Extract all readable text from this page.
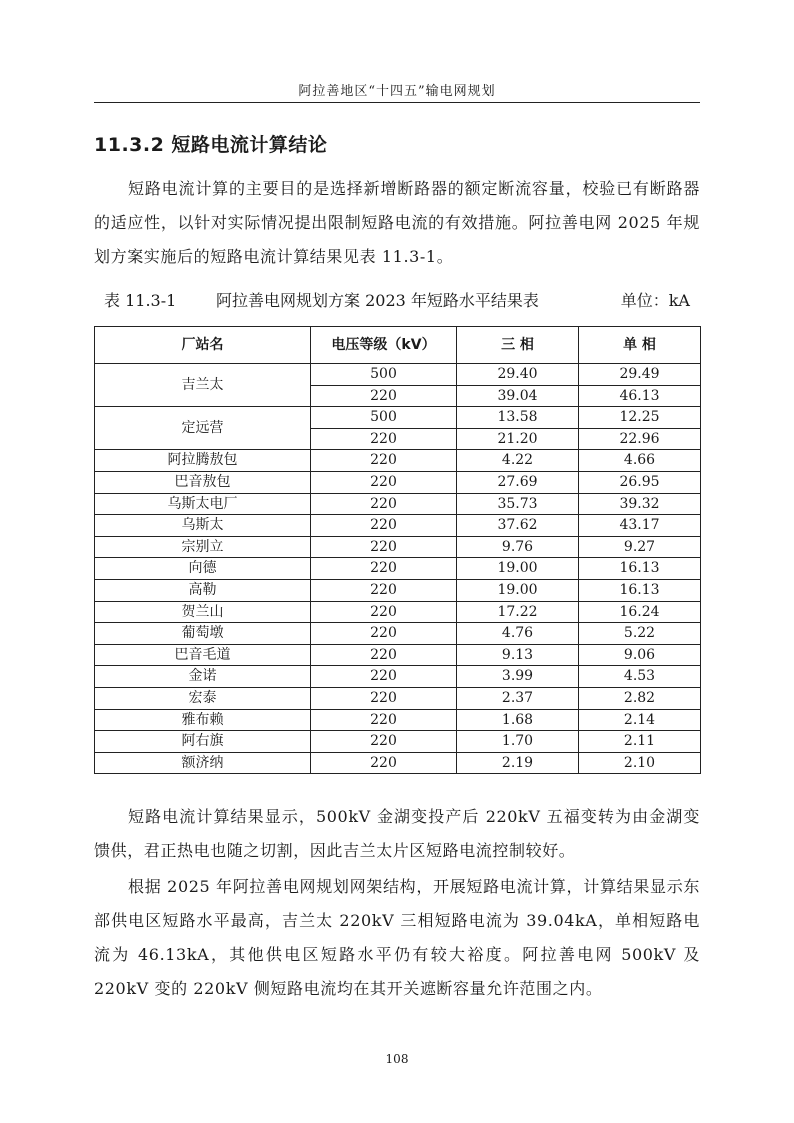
阿拉善地区“十四五”输电网规划
11.3.2 短路电流计算结论

短路电流计算的主要目的是选择新增断路器的额定断流容量，校验已有断路器的适应性，以针对实际情况提出限制短路电流的有效措施。阿拉善电网 2025 年规划方案实施后的短路电流计算结果见表 11.3-1。

表 11.3-1 阿拉善电网规划方案 2023 年短路水平结果表	单位：kA
厂站名	电压等级（kV）	三 相	单 相
吉兰太	500	29.40	29.49
	220	39.04	46.13
定远营	500	13.58	12.25
	220	21.20	22.96
阿拉腾敖包	220	4.22	4.66
巴音敖包	220	27.69	26.95
乌斯太电厂	220	35.73	39.32
乌斯太	220	37.62	43.17
宗别立	220	9.76	9.27
向德	220	19.00	16.13
高勒	220	19.00	16.13
贺兰山	220	17.22	16.24
葡萄墩	220	4.76	5.22
巴音毛道	220	9.13	9.06
金诺	220	3.99	4.53
宏泰	220	2.37	2.82
雅布赖	220	1.68	2.14
阿右旗	220	1.70	2.11
额济纳	220	2.19	2.10

短路电流计算结果显示，500kV 金湖变投产后 220kV 五福变转为由金湖变馈供，君正热电也随之切割，因此吉兰太片区短路电流控制较好。

根据 2025 年阿拉善电网规划网架结构，开展短路电流计算，计算结果显示东部供电区短路水平最高，吉兰太 220kV 三相短路电流为 39.04kA，单相短路电流为 46.13kA，其他供电区短路水平仍有较大裕度。阿拉善电网 500kV 及 220kV 变的 220kV 侧短路电流均在其开关遮断容量允许范围之内。

108
